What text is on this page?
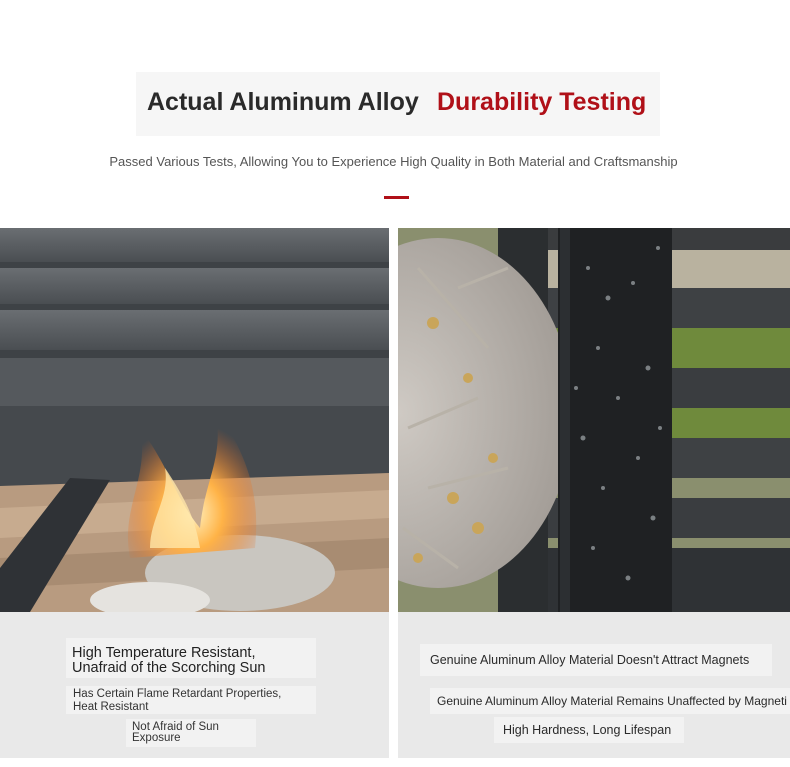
Actual Aluminum Alloy Durability Testing
Passed Various Tests, Allowing You to Experience High Quality in Both Material and Craftsmanship
High Temperature Resistant,
Unafraid of the Scorching Sun
Has Certain Flame Retardant Properties,
Heat Resistant
Not Afraid of Sun
Exposure
Genuine Aluminum Alloy Material Doesn't Attract Magnets
Genuine Aluminum Alloy Material Remains Unaffected by Magneti
High Hardness, Long Lifespan
